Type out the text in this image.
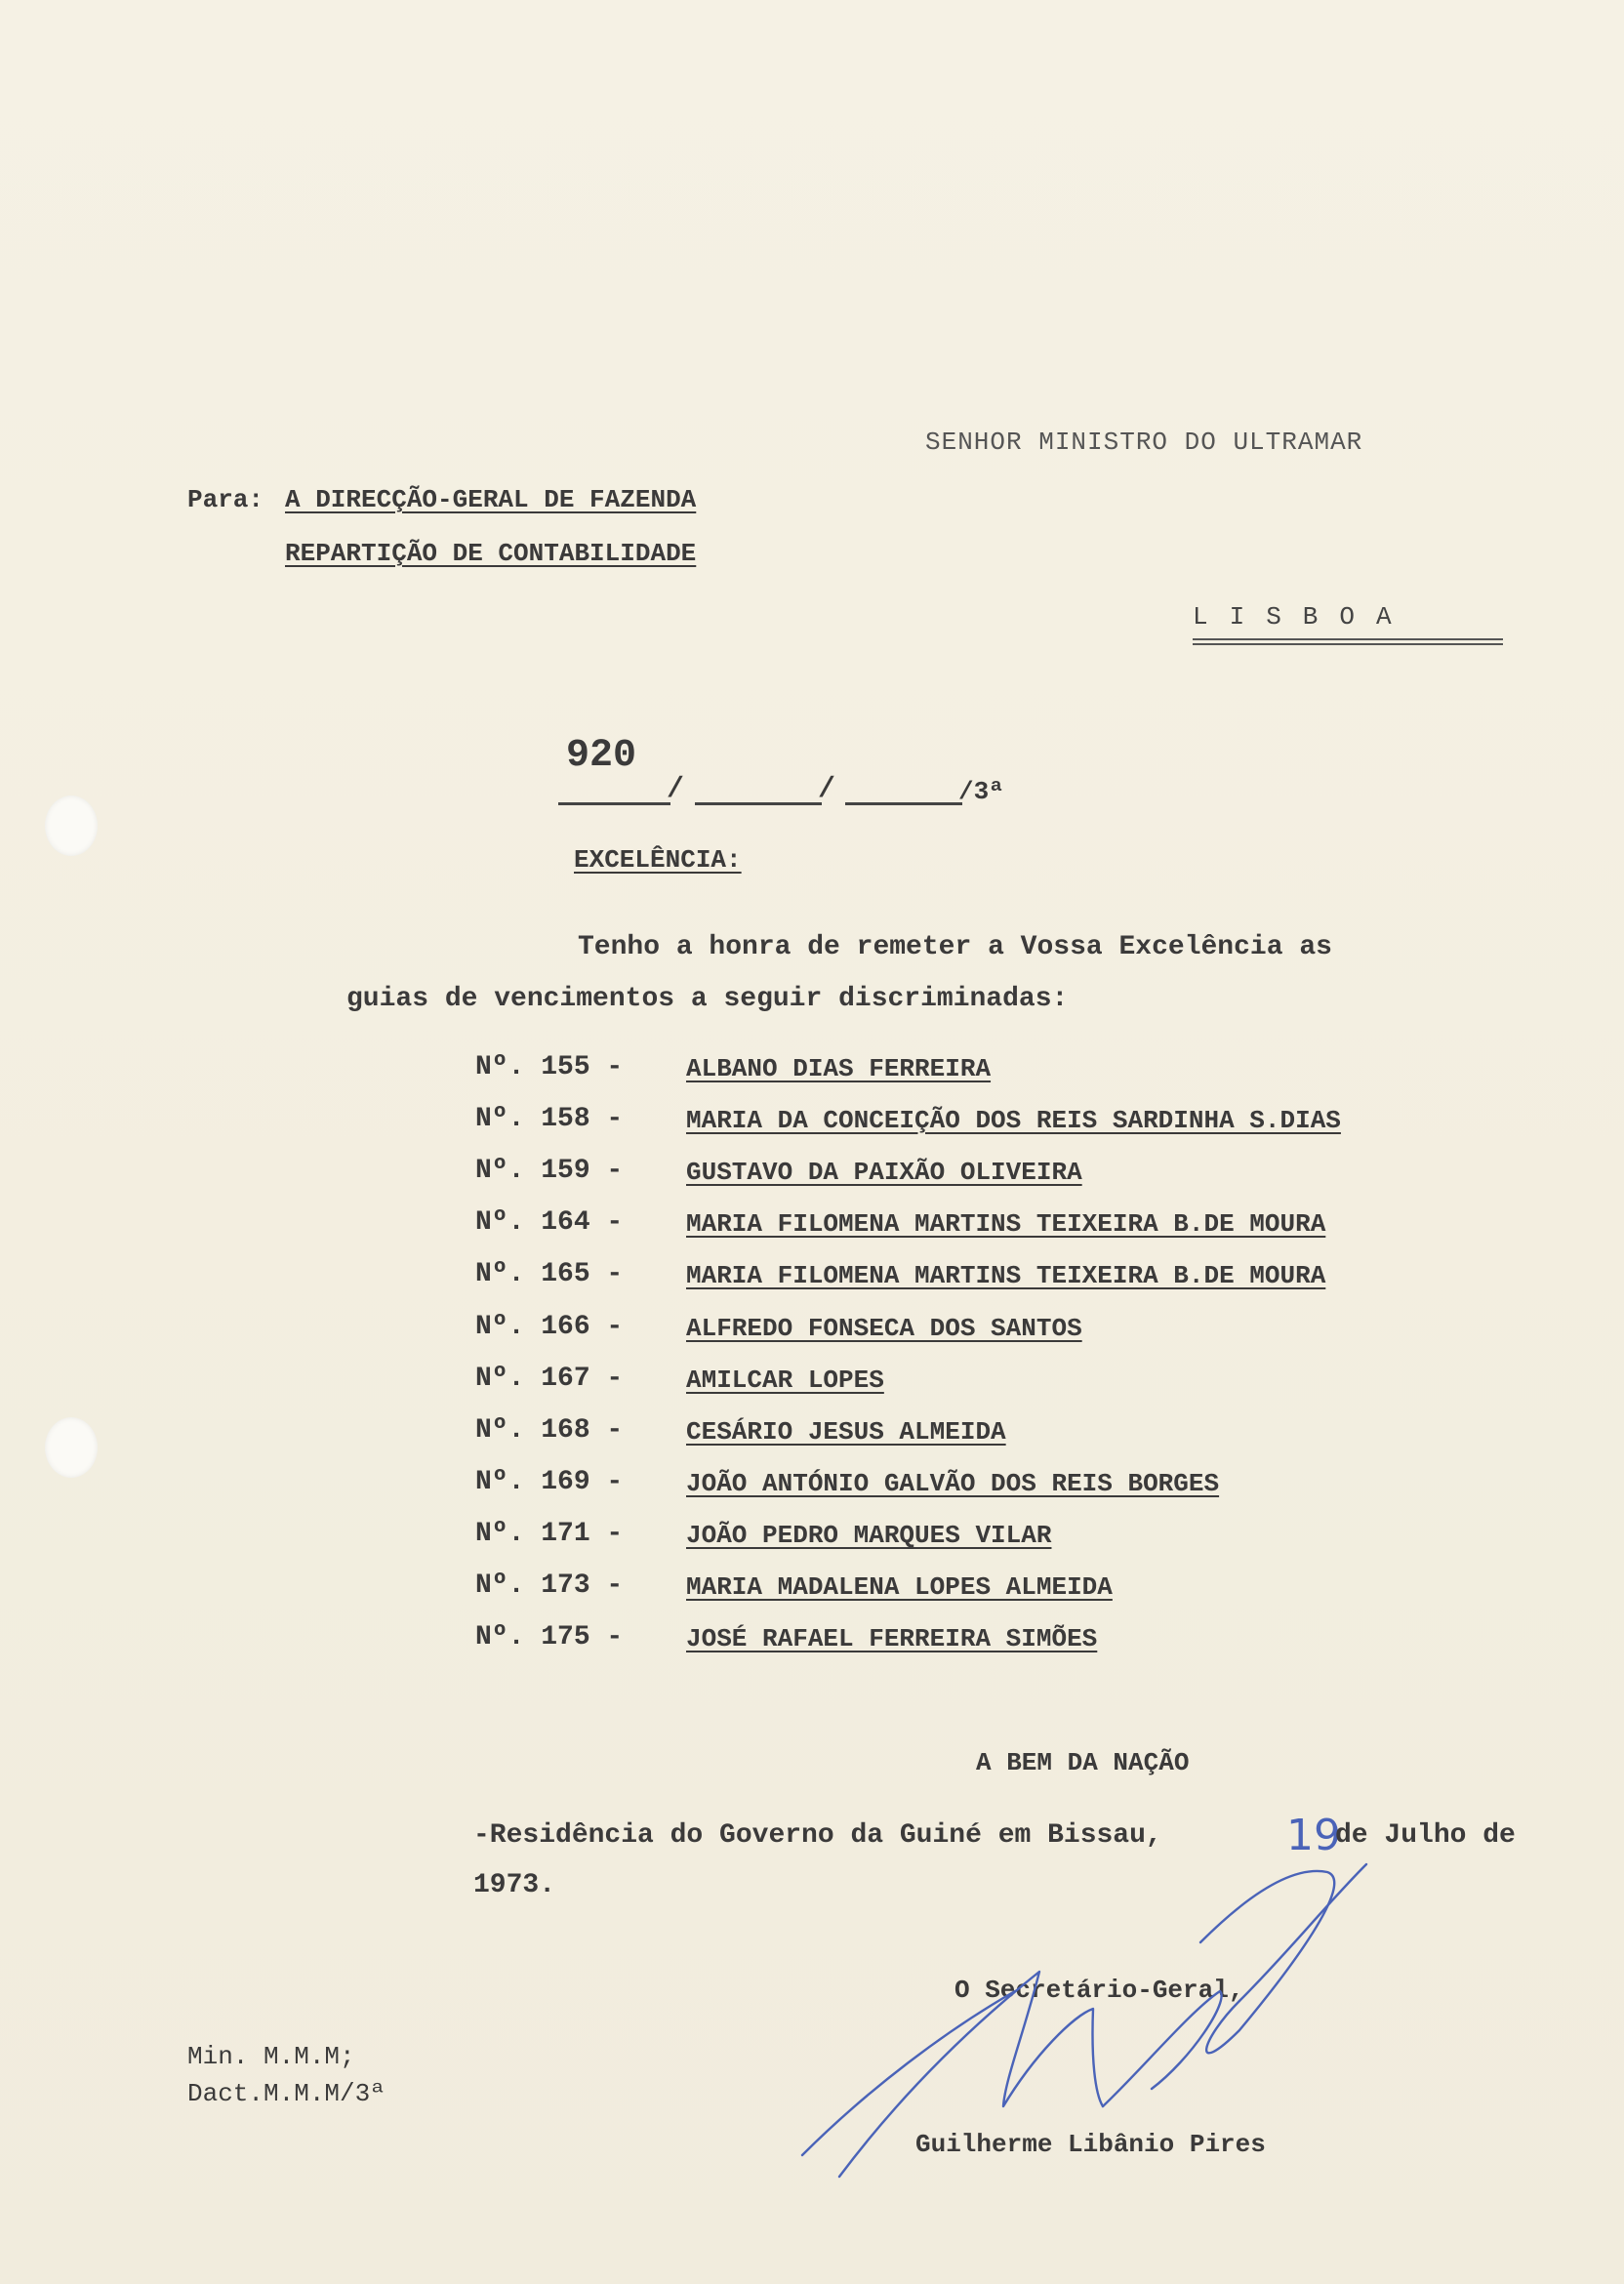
SENHOR MINISTRO DO ULTRAMAR
Para: A DIRECÇÃO-GERAL DE FAZENDA
REPARTIÇÃO DE CONTABILIDADE
LISBOA
920
/	/	/3ª
EXCELÊNCIA:
Tenho a honra de remeter a Vossa Excelência as
guias de vencimentos a seguir discriminadas:
Nº. 155 - ALBANO DIAS FERREIRA
Nº. 158 - MARIA DA CONCEIÇÃO DOS REIS SARDINHA S.DIAS
Nº. 159 - GUSTAVO DA PAIXÃO OLIVEIRA
Nº. 164 - MARIA FILOMENA MARTINS TEIXEIRA B.DE MOURA
Nº. 165 - MARIA FILOMENA MARTINS TEIXEIRA B.DE MOURA
Nº. 166 - ALFREDO FONSECA DOS SANTOS
Nº. 167 - AMILCAR LOPES
Nº. 168 - CESÁRIO JESUS ALMEIDA
Nº. 169 - JOÃO ANTÓNIO GALVÃO DOS REIS BORGES
Nº. 171 - JOÃO PEDRO MARQUES VILAR
Nº. 173 - MARIA MADALENA LOPES ALMEIDA
Nº. 175 - JOSÉ RAFAEL FERREIRA SIMÕES
A BEM DA NAÇÃO
-Residência do Governo da Guiné em Bissau,	19
de Julho de
1973.
O Secretário-Geral,
Guilherme Libânio Pires
Min. M.M.M;
Dact.M.M.M/3ª
